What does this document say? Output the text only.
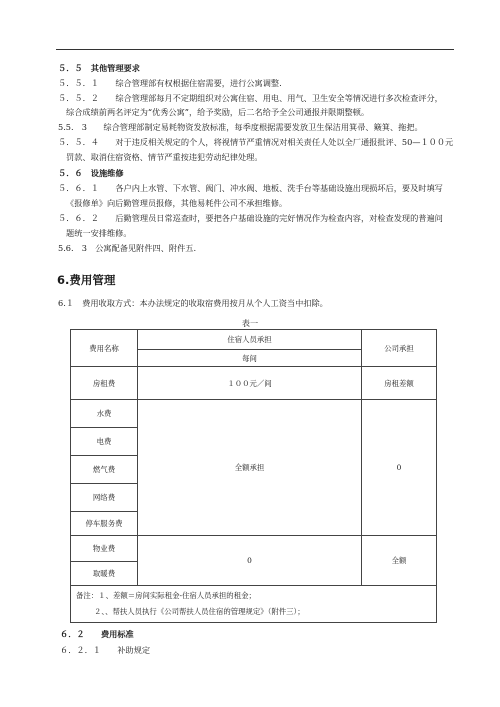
５．５　其他管理要求
５．５．１　　综合管理部有权根据住宿需要，进行公寓调整.
５．５．２　　综合管理部每月不定期组织对公寓住宿、用电、用气、卫生安全等情况进行多次检查评分，
综合成绩前两名评定为“优秀公寓”，给予奖励，后二名给予全公司通报并限期整顿。
5.5.　3　　综合管理部制定易耗物资发放标准，每季度根据需要发放卫生保洁用箕帚、簸箕、拖把。
５．５．４　　对于违反相关规定的个人，将视情节严重情况对相关责任人处以全厂通报批评、50—１００元
罚款、取消住宿资格、情节严重按违犯劳动纪律处理。
５．６　设施维修
５．６．１　　各户内上水管、下水管、阀门、冲水阀、地板、洗手台等基础设施出现损坏后，要及时填写
《报修单》向后勤管理员报修，其他易耗件公司不承担维修。
５．６．２　　后勤管理员日常巡查时，要把各户基础设施的完好情况作为检查内容，对检查发现的普遍问
题统一安排维修。
5.6.　3　公寓配备见附件四、附件五.
6.费用管理
6.１　费用收取方式：本办法规定的收取宿费用按月从个人工资当中扣除。
表一
费用名称	住宿人员承担	公司承担
	每间	
房租费	１００元／间	房租差额
水费	全额承担	0
电费		
燃气费		
网络费		
停车服务费		
物业费	0	全额
取暖费		

备注：１、差额＝房间实际租金-住宿人员承担的租金；
２、、帮扶人员执行《公司帮扶人员住宿的管理规定》（附件三）；		
６．２　　费用标准
６．２．１　　补助规定
